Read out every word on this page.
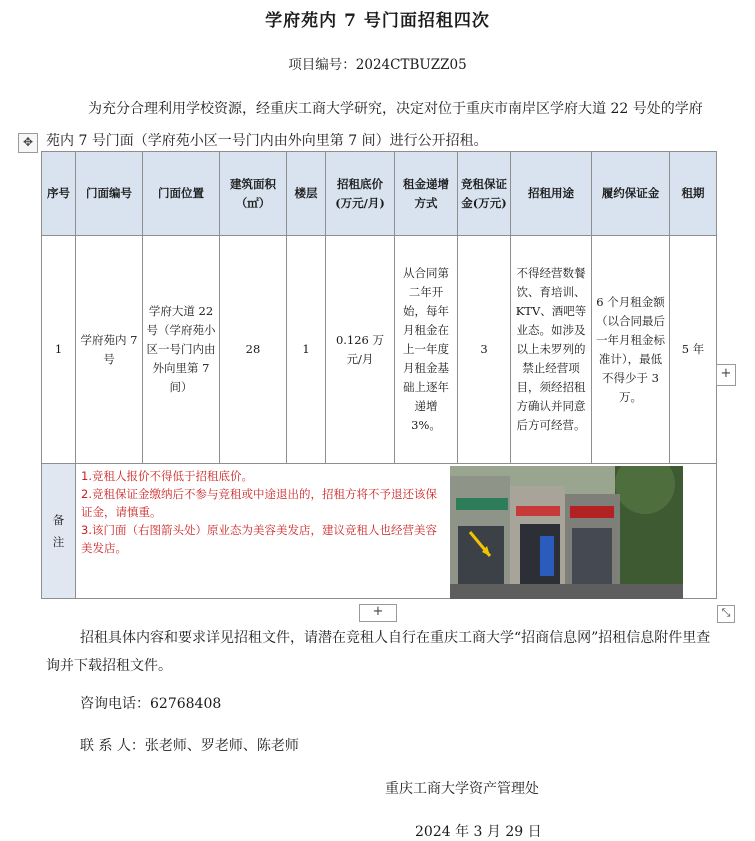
学府苑内 7 号门面招租四次
项目编号：2024CTBUZZ05

为充分合理利用学校资源，经重庆工商大学研究，决定对位于重庆市南岸区学府大道 22 号处的学府苑内 7 号门面（学府苑小区一号门内由外向里第 7 间）进行公开招租。

✥
序号	门面编号	门面位置	建筑面积（㎡）	楼层	招租底价(万元/月)	租金递增方式	竞租保证金(万元)	招租用途	履约保证金	租期
1	学府苑内 7 号	学府大道 22 号（学府苑小区一号门内由外向里第 7 间）	28	1	0.126 万元/月	从合同第二年开始，每年月租金在上一年度月租金基础上逐年递增 3%。	3	不得经营数餐饮、育培训、KTV、酒吧等业态。如涉及以上未罗列的禁止经营项目，须经招租方确认并同意后方可经营。	6 个月租金额（以合同最后一年月租金标准计），最低不得少于 3 万。	5 年
备注	1.竞租人报价不得低于招租底价。
2.竞租保证金缴纳后不参与竞租或中途退出的，招租方将不予退还该保证金，请慎重。
3.该门面（右图箭头处）原业态为美容美发店，建议竞租人也经营美容美发店。									
+
+	⤡

招租具体内容和要求详见招租文件，请潜在竞租人自行在重庆工商大学“招商信息网”招租信息附件里查询并下载招租文件。

咨询电话：62768408
联 系 人：张老师、罗老师、陈老师
重庆工商大学资产管理处
2024 年 3 月 29 日
